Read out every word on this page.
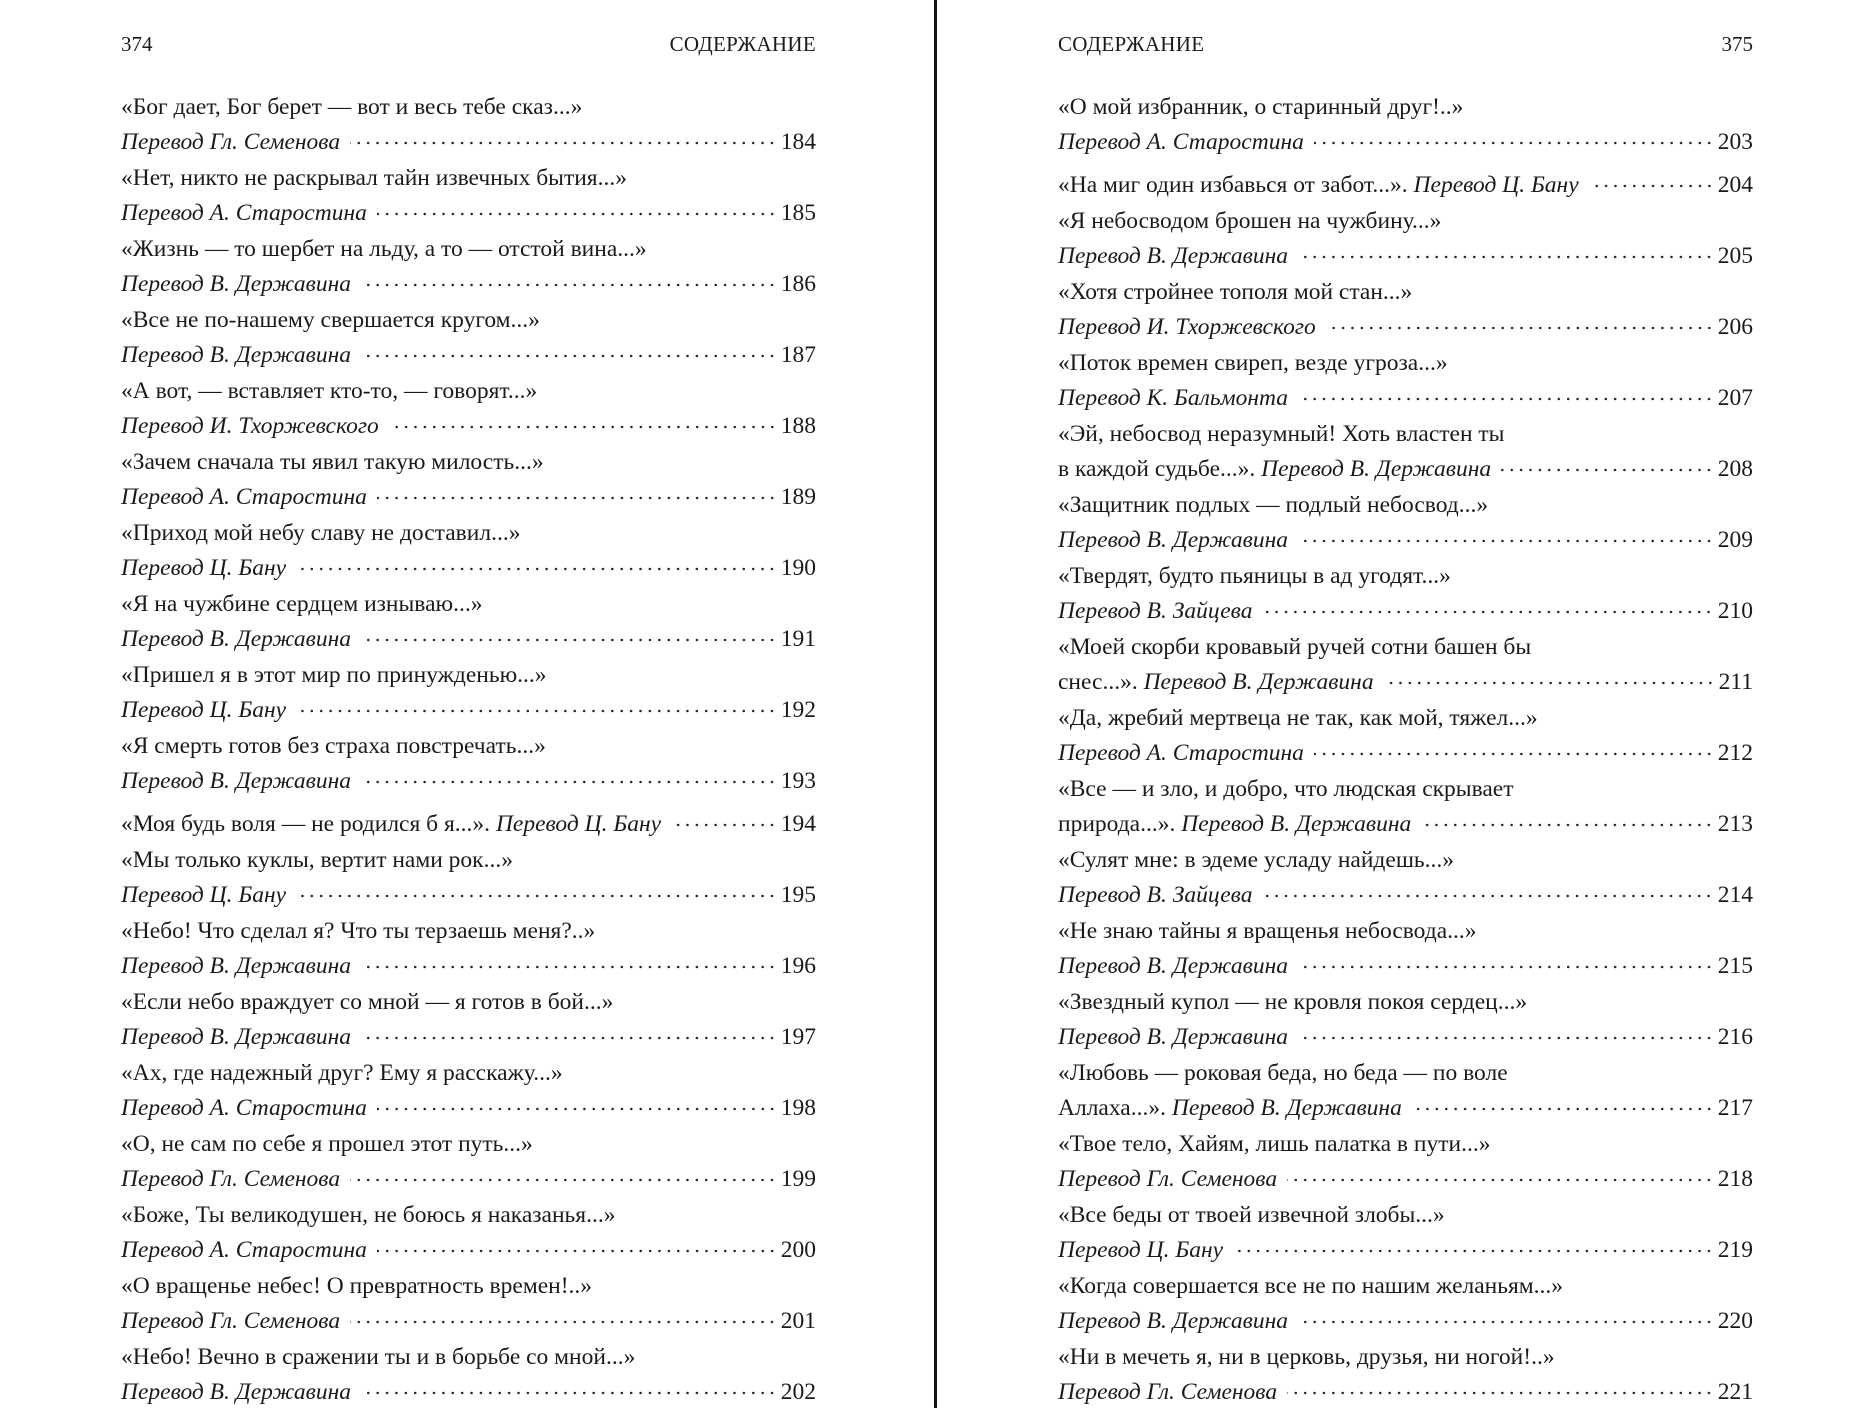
374	СОДЕРЖАНИЕ
«Бог дает, Бог берет — вот и весь тебе сказ...»
Перевод Гл. Семенова	184
«Нет, никто не раскрывал тайн извечных бытия...»
Перевод А. Старостина	185
«Жизнь — то шербет на льду, а то — отстой вина...»
Перевод В. Державина	186
«Все не по-нашему свершается кругом...»
Перевод В. Державина	187
«А вот, — вставляет кто-то, — говорят...»
Перевод И. Тхоржевского	188
«Зачем сначала ты явил такую милость...»
Перевод А. Старостина	189
«Приход мой небу славу не доставил...»
Перевод Ц. Бану	190
«Я на чужбине сердцем изнываю...»
Перевод В. Державина	191
«Пришел я в этот мир по принужденью...»
Перевод Ц. Бану	192
«Я смерть готов без страха повстречать...»
Перевод В. Державина	193
«Моя будь воля — не родился б я...». Перевод Ц. Бану	194
«Мы только куклы, вертит нами рок...»
Перевод Ц. Бану	195
«Небо! Что сделал я? Что ты терзаешь меня?..»
Перевод В. Державина	196
«Если небо враждует со мной — я готов в бой...»
Перевод В. Державина	197
«Ах, где надежный друг? Ему я расскажу...»
Перевод А. Старостина	198
«О, не сам по себе я прошел этот путь...»
Перевод Гл. Семенова	199
«Боже, Ты великодушен, не боюсь я наказанья...»
Перевод А. Старостина	200
«О вращенье небес! О превратность времен!..»
Перевод Гл. Семенова	201
«Небо! Вечно в сражении ты и в борьбе со мной...»
Перевод В. Державина	202
СОДЕРЖАНИЕ	375
«О мой избранник, о старинный друг!..»
Перевод А. Старостина	203
«На миг один избавься от забот...». Перевод Ц. Бану	204
«Я небосводом брошен на чужбину...»
Перевод В. Державина	205
«Хотя стройнее тополя мой стан...»
Перевод И. Тхоржевского	206
«Поток времен свиреп, везде угроза...»
Перевод К. Бальмонта	207
«Эй, небосвод неразумный! Хоть властен ты
в каждой судьбе...». Перевод В. Державина	208
«Защитник подлых — подлый небосвод...»
Перевод В. Державина	209
«Твердят, будто пьяницы в ад угодят...»
Перевод В. Зайцева	210
«Моей скорби кровавый ручей сотни башен бы
снес...». Перевод В. Державина	211
«Да, жребий мертвеца не так, как мой, тяжел...»
Перевод А. Старостина	212
«Все — и зло, и добро, что людская скрывает
природа...». Перевод В. Державина	213
«Сулят мне: в эдеме усладу найдешь...»
Перевод В. Зайцева	214
«Не знаю тайны я вращенья небосвода...»
Перевод В. Державина	215
«Звездный купол — не кровля покоя сердец...»
Перевод В. Державина	216
«Любовь — роковая беда, но беда — по воле
Аллаха...». Перевод В. Державина	217
«Твое тело, Хайям, лишь палатка в пути...»
Перевод Гл. Семенова	218
«Все беды от твоей извечной злобы...»
Перевод Ц. Бану	219
«Когда совершается все не по нашим желаньям...»
Перевод В. Державина	220
«Ни в мечеть я, ни в церковь, друзья, ни ногой!..»
Перевод Гл. Семенова	221
